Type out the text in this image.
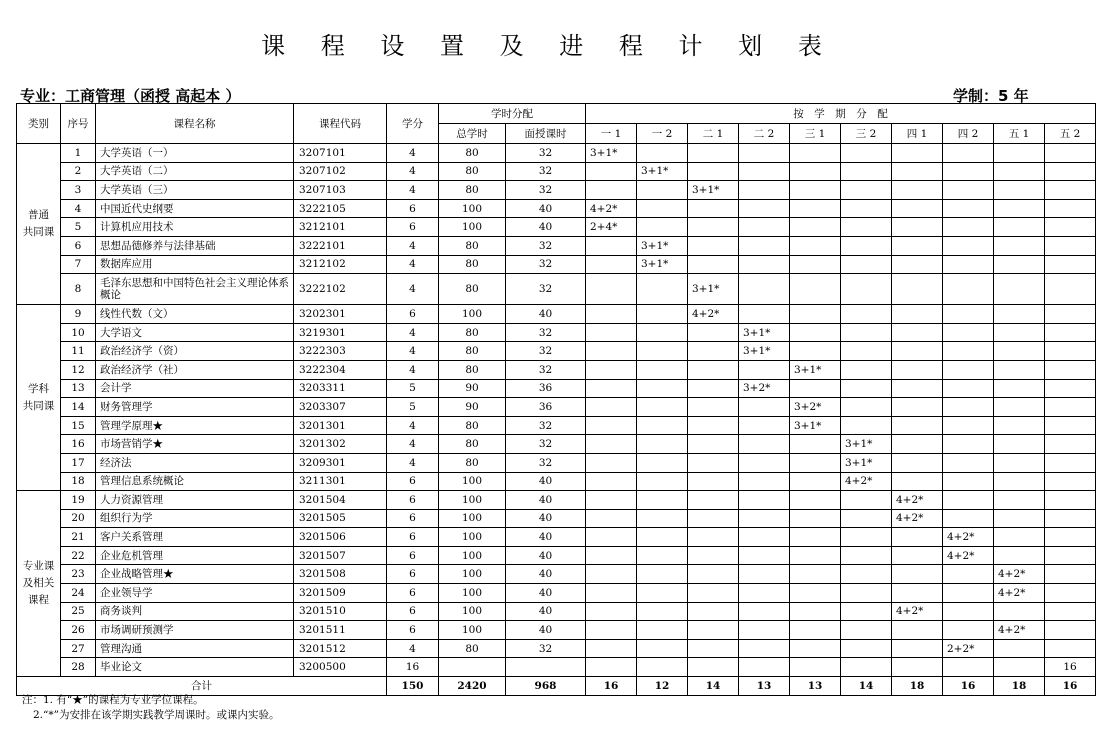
课 程 设 置 及 进 程 计 划 表
专业：工商管理（函授 高起本 ）	学制：5 年
类别	序号	课程名称	课程代码	学分	学时分配		按　学　期　分　配									
					总学时	面授课时	一 1	一 2	二 1	二 2	三 1	三 2	四 1	四 2	五 1	五 2
普通
共同课	1	大学英语（一）	3207101	4	80	32	3+1*									
	2	大学英语（二）	3207102	4	80	32		3+1*								
	3	大学英语（三）	3207103	4	80	32			3+1*							
	4	中国近代史纲要	3222105	6	100	40	4+2*									
	5	计算机应用技术	3212101	6	100	40	2+4*									
	6	思想品德修养与法律基础	3222101	4	80	32		3+1*								
	7	数据库应用	3212102	4	80	32		3+1*								
	8	毛泽东思想和中国特色社会主义理论体系概论	3222102	4	80	32			3+1*							
学科
共同课	9	线性代数（文）	3202301	6	100	40			4+2*							
	10	大学语文	3219301	4	80	32				3+1*						
	11	政治经济学（资）	3222303	4	80	32				3+1*						
	12	政治经济学（社）	3222304	4	80	32					3+1*					
	13	会计学	3203311	5	90	36				3+2*						
	14	财务管理学	3203307	5	90	36					3+2*					
	15	管理学原理★	3201301	4	80	32					3+1*					
	16	市场营销学★	3201302	4	80	32						3+1*				
	17	经济法	3209301	4	80	32						3+1*				
	18	管理信息系统概论	3211301	6	100	40						4+2*				
专业课
及相关
课程	19	人力资源管理	3201504	6	100	40							4+2*			
	20	组织行为学	3201505	6	100	40							4+2*			
	21	客户关系管理	3201506	6	100	40								4+2*		
	22	企业危机管理	3201507	6	100	40								4+2*		
	23	企业战略管理★	3201508	6	100	40									4+2*	
	24	企业领导学	3201509	6	100	40									4+2*	
	25	商务谈判	3201510	6	100	40							4+2*			
	26	市场调研预测学	3201511	6	100	40									4+2*	
	27	管理沟通	3201512	4	80	32								2+2*		
	28	毕业论文	3200500	16												16
合计				150	2420	968	16	12	14	13	13	14	18	16	18	16
注：1. 有“★”的课程为专业学位课程。
2.“*”为安排在该学期实践教学周课时。或课内实验。
